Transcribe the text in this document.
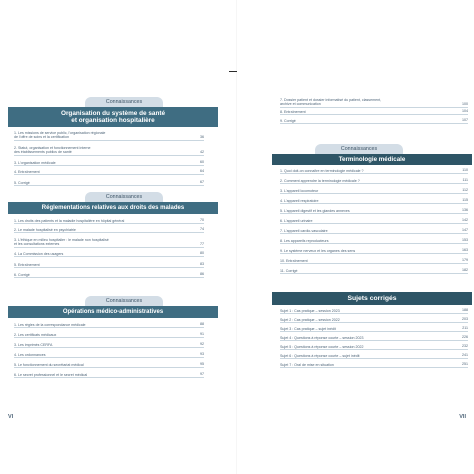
Connaissances
Organisation du système de santé
et organisation hospitalière
1. Les missions de service public, l'organisation régionale
de l'offre de soins et la certification	36
2. Statut, organisation et fonctionnement interne
des établissements publics de santé	42
3. L'organisation médicale	60
4. Entraînement	64
5. Corrigé	67
Connaissances
Réglementations relatives aux droits des malades
1. Les droits des patients et la maladie hospitalière en hôpital général	70
2. Le malade hospitalisé en psychiatrie	74
3. L'éthique en milieu hospitalier : le malade non hospitalisé
et les consultations externes	77
4. La Commission des usagers	80
5. Entraînement	83
6. Corrigé	86
Connaissances
Opérations médico-administratives
1. Les règles de la correspondance médicale	88
2. Les certificats médicaux	91
3. Les imprimés CERFA	92
4. Les ordonnances	93
5. Le fonctionnement du secrétariat médical	95
6. Le secret professionnel et le secret médical	97
VI
7. Dossier patient et dossier informatisé du patient, classement,
archive et communication	100
8. Entraînement	104
9. Corrigé	107
Connaissances
Terminologie médicale
1. Quoi doit-on connaître en terminologie médicale ?	110
2. Comment apprendre la terminologie médicale ?	111
3. L'appareil locomoteur	112
4. L'appareil respiratoire	115
5. L'appareil digestif et les glandes annexes	136
6. L'appareil urinaire	142
7. L'appareil cardio-vasculaire	147
8. Les appareils reproducteurs	153
9. Le système nerveux et les organes des sens	163
10. Entraînement	179
11. Corrigé	182
Sujets corrigés
Sujet 1 : Cas pratique – session 2023	188
Sujet 2 : Cas pratique – session 2022	203
Sujet 3 : Cas pratique – sujet inédit	211
Sujet 4 : Questions à réponse courte – session 2023	226
Sujet 5 : Questions à réponse courte – session 2022	232
Sujet 6 : Questions à réponse courte – sujet inédit	241
Sujet 7 : Oral de mise en situation	251
VII
